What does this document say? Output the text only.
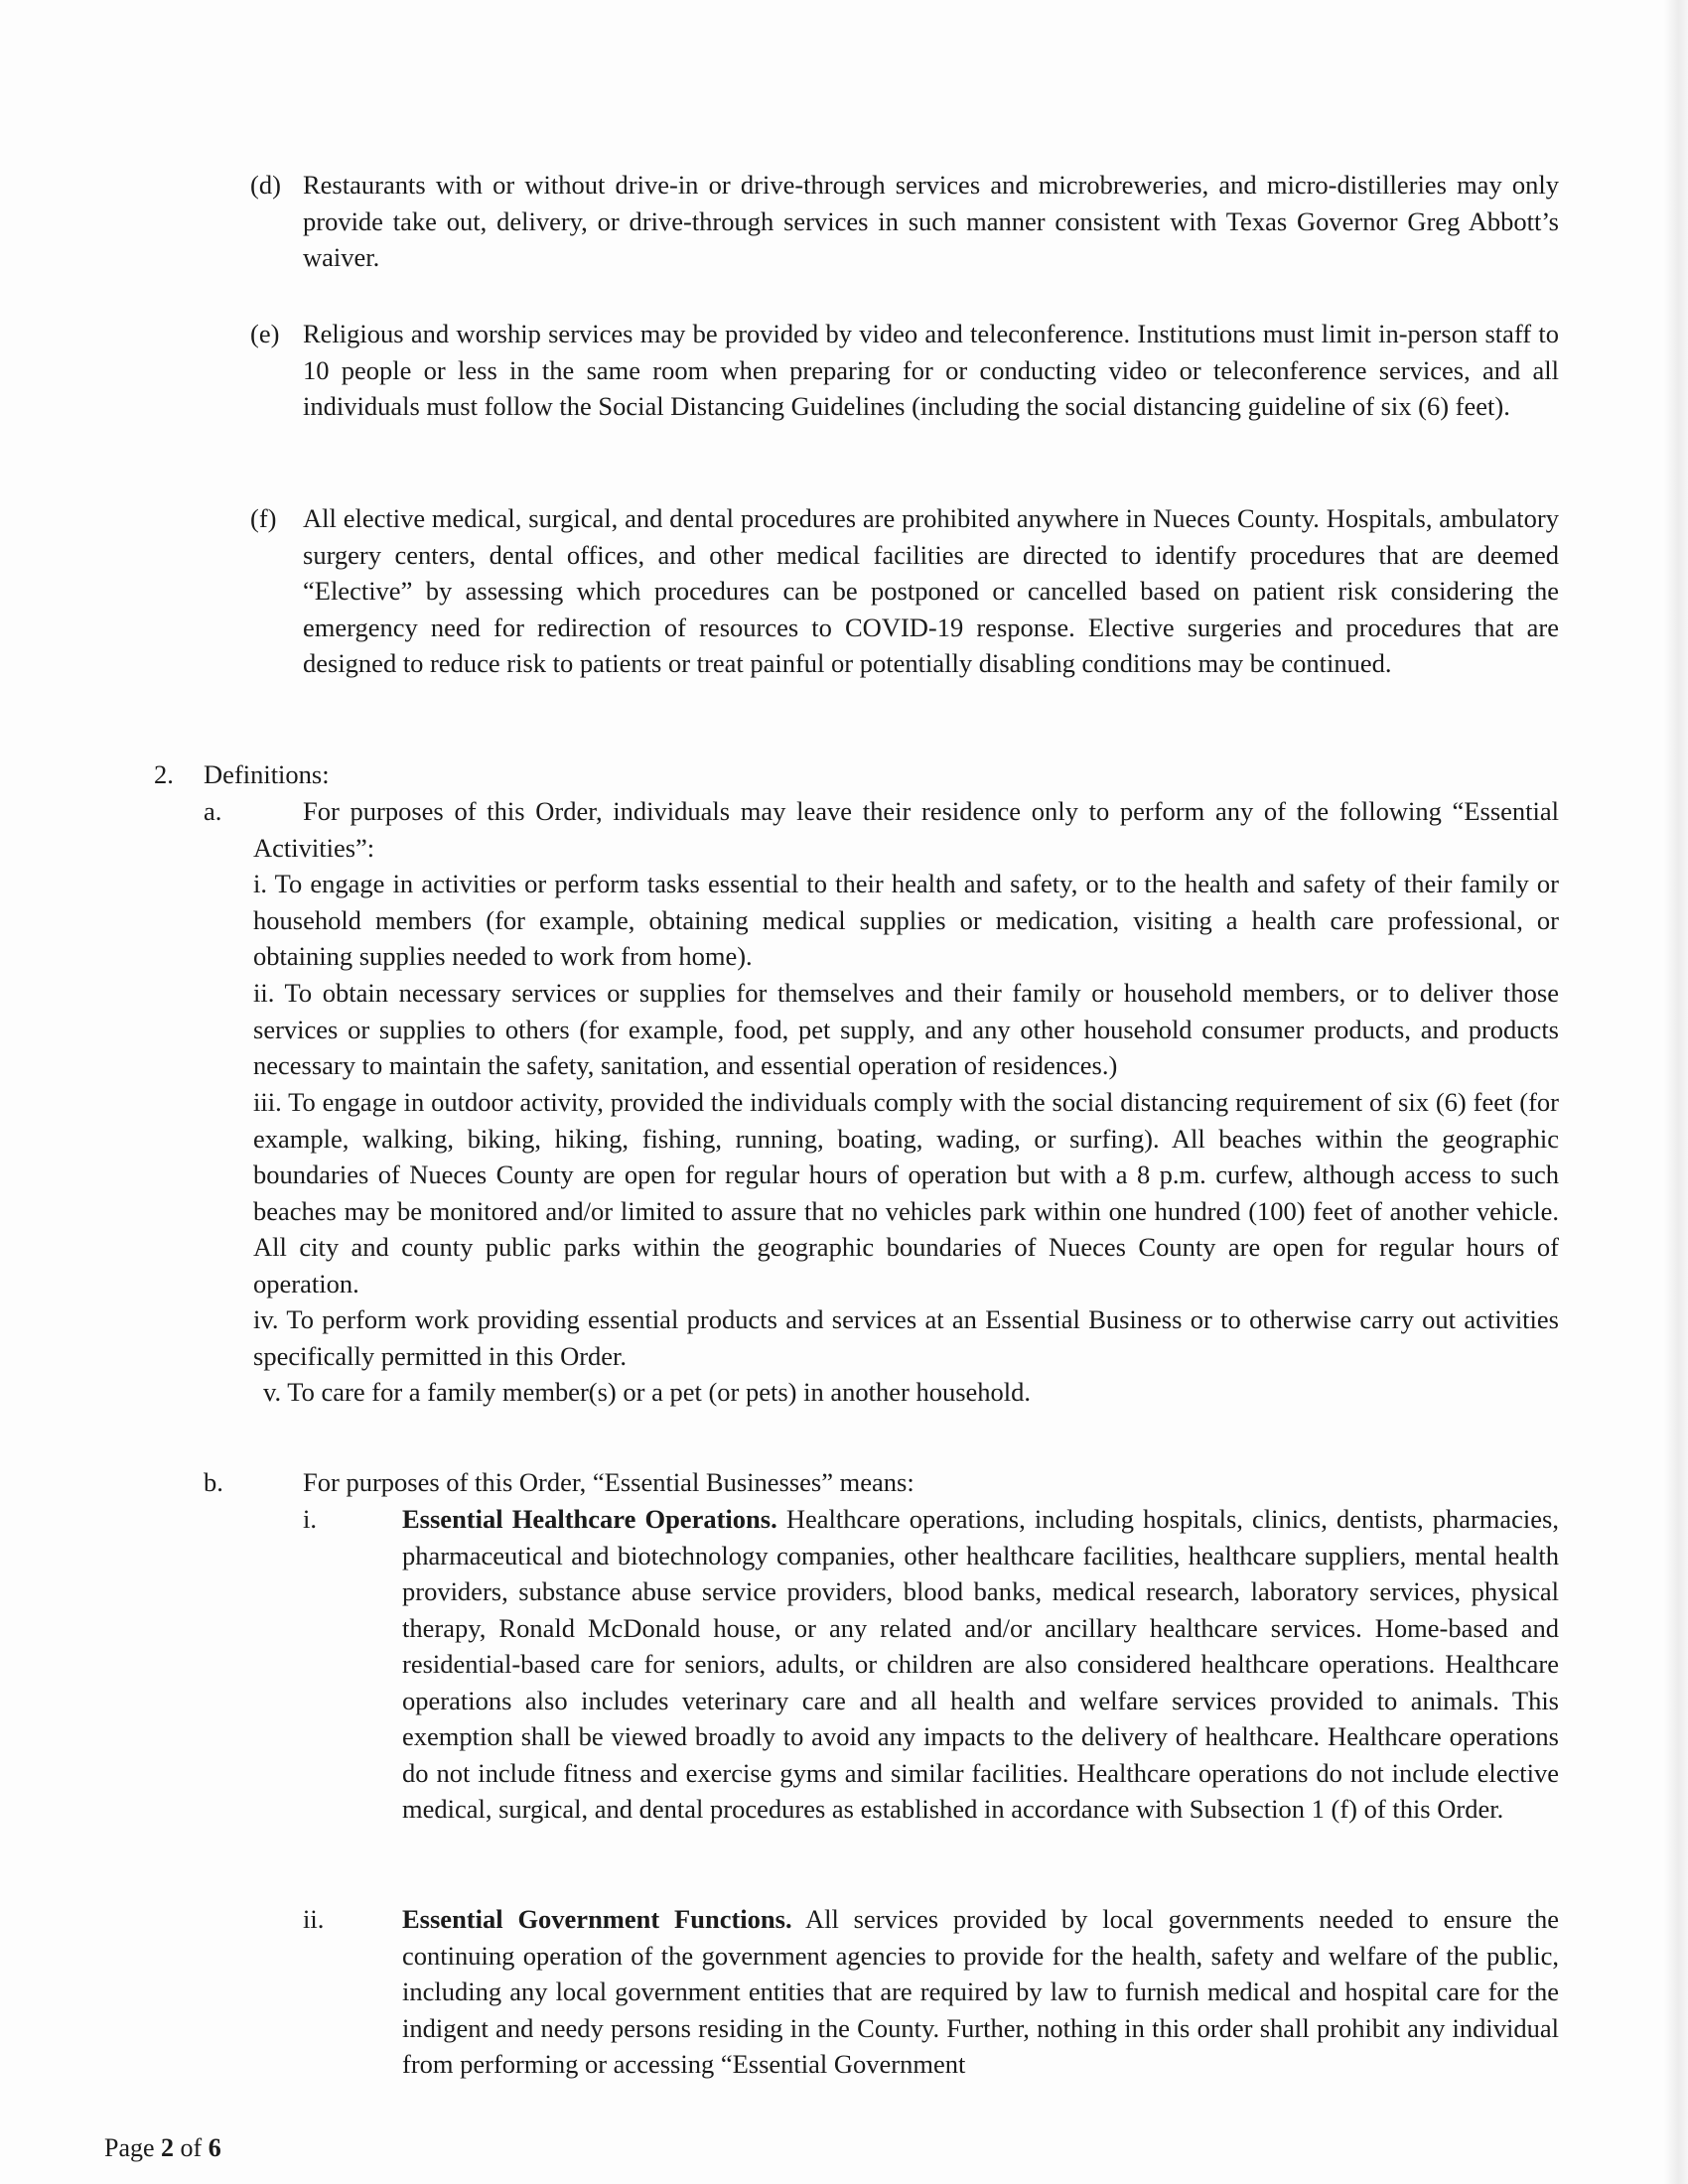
(d) Restaurants with or without drive-in or drive-through services and microbreweries, and micro-distilleries may only provide take out, delivery, or drive-through services in such manner consistent with Texas Governor Greg Abbott’s waiver.

(e) Religious and worship services may be provided by video and teleconference. Institutions must limit in-person staff to 10 people or less in the same room when preparing for or conducting video or teleconference services, and all individuals must follow the Social Distancing Guidelines (including the social distancing guideline of six (6) feet).

(f) All elective medical, surgical, and dental procedures are prohibited anywhere in Nueces County. Hospitals, ambulatory surgery centers, dental offices, and other medical facilities are directed to identify procedures that are deemed “Elective” by assessing which procedures can be postponed or cancelled based on patient risk considering the emergency need for redirection of resources to COVID-19 response. Elective surgeries and procedures that are designed to reduce risk to patients or treat painful or potentially disabling conditions may be continued.

2. Definitions:
a.	For purposes of this Order, individuals may leave their residence only to perform any of the following “Essential Activities”:

i. To engage in activities or perform tasks essential to their health and safety, or to the health and safety of their family or household members (for example, obtaining medical supplies or medication, visiting a health care professional, or obtaining supplies needed to work from home).

ii. To obtain necessary services or supplies for themselves and their family or household members, or to deliver those services or supplies to others (for example, food, pet supply, and any other household consumer products, and products necessary to maintain the safety, sanitation, and essential operation of residences.)

iii. To engage in outdoor activity, provided the individuals comply with the social distancing requirement of six (6) feet (for example, walking, biking, hiking, fishing, running, boating, wading, or surfing). All beaches within the geographic boundaries of Nueces County are open for regular hours of operation but with a 8 p.m. curfew, although access to such beaches may be monitored and/or limited to assure that no vehicles park within one hundred (100) feet of another vehicle. All city and county public parks within the geographic boundaries of Nueces County are open for regular hours of operation.

iv. To perform work providing essential products and services at an Essential Business or to otherwise carry out activities specifically permitted in this Order.

v. To care for a family member(s) or a pet (or pets) in another household.

b.	For purposes of this Order, “Essential Businesses” means:
i.	Essential Healthcare Operations. Healthcare operations, including hospitals, clinics, dentists, pharmacies, pharmaceutical and biotechnology companies, other healthcare facilities, healthcare suppliers, mental health providers, substance abuse service providers, blood banks, medical research, laboratory services, physical therapy, Ronald McDonald house, or any related and/or ancillary healthcare services. Home-based and residential-based care for seniors, adults, or children are also considered healthcare operations. Healthcare operations also includes veterinary care and all health and welfare services provided to animals. This exemption shall be viewed broadly to avoid any impacts to the delivery of healthcare. Healthcare operations do not include fitness and exercise gyms and similar facilities. Healthcare operations do not include elective medical, surgical, and dental procedures as established in accordance with Subsection 1 (f) of this Order.

ii.	Essential Government Functions. All services provided by local governments needed to ensure the continuing operation of the government agencies to provide for the health, safety and welfare of the public, including any local government entities that are required by law to furnish medical and hospital care for the indigent and needy persons residing in the County. Further, nothing in this order shall prohibit any individual from performing or accessing “Essential Government

Page 2 of 6
